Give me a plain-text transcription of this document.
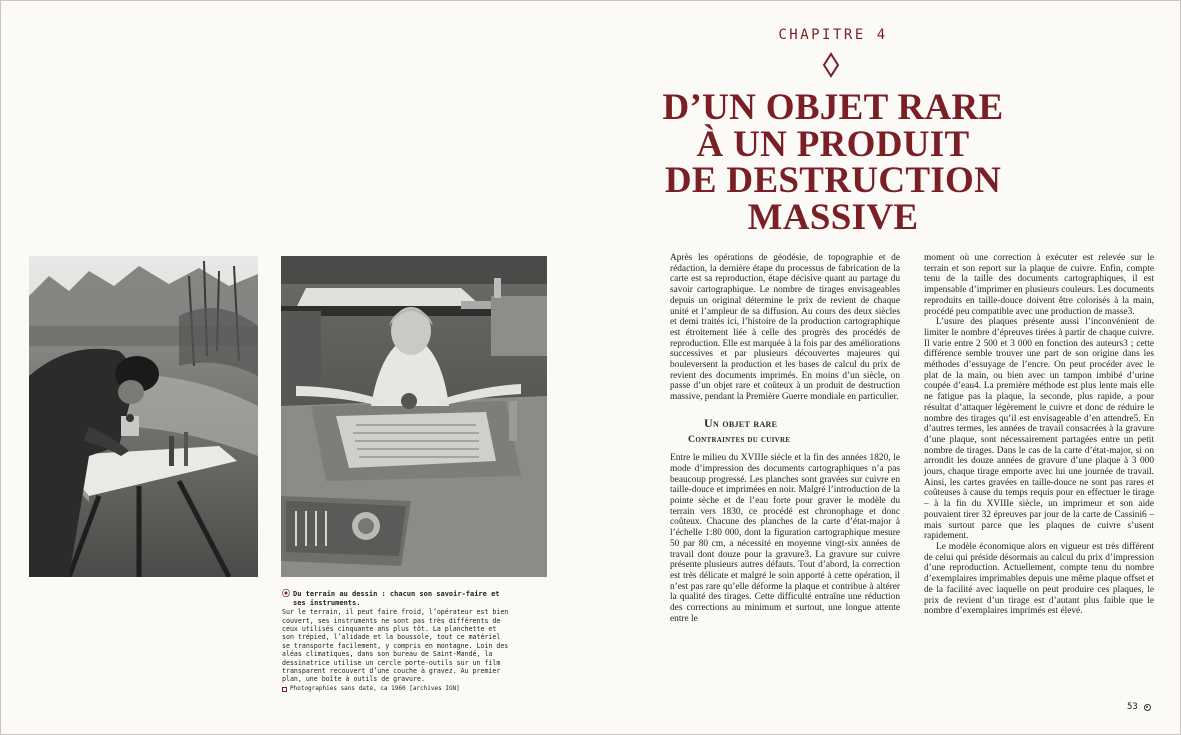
⦿ Du terrain au dessin : chacun son savoir-faire et ses instruments.
Sur le terrain, il peut faire froid, l’opérateur est bien couvert, ses instruments ne sont pas très différents de ceux utilisés cinquante ans plus tôt. La planchette et son trépied, l’alidade et la boussole, tout ce matériel se transporte facilement, y compris en montagne. Loin des aléas climatiques, dans son bureau de Saint-Mandé, la dessinatrice utilise un cercle porte-outils sur un film transparent recouvert d’une couche à gravez. Au premier plan, une boîte à outils de gravure.
Photographies sans date, ca 1960 [archives IGN]
CHAPITRE 4
D’UN OBJET RARE
À UN PRODUIT
DE DESTRUCTION
MASSIVE

Après les opérations de géodésie, de topographie et de rédaction, la dernière étape du processus de fabrication de la carte est sa reproduction, étape décisive quant au partage du savoir cartographique. Le nombre de tirages envisageables depuis un original détermine le prix de revient de chaque unité et l’ampleur de sa diffusion. Au cours des deux siècles et demi traités ici, l’histoire de la production cartographique est étroitement liée à celle des progrès des procédés de reproduction. Elle est marquée à la fois par des améliorations successives et par plusieurs découvertes majeures qui bouleversent la production et les bases de calcul du prix de revient des documents imprimés. En moins d’un siècle, on passe d’un objet rare et coûteux à un produit de destruction massive, pendant la Première Guerre mondiale en particulier.

Un objet rare
Contraintes du cuivre

Entre le milieu du XVIIIe siècle et la fin des années 1820, le mode d’impression des documents cartographiques n’a pas beaucoup progressé. Les planches sont gravées sur cuivre en taille-douce et imprimées en noir. Malgré l’introduction de la pointe sèche et de l’eau forte pour graver le modèle du terrain vers 1830, ce procédé est chronophage et donc coûteux. Chacune des planches de la carte d’état-major à l’échelle 1:80 000, dont la figuration cartographique mesure 50 par 80 cm, a nécessité en moyenne vingt-six années de travail dont douze pour la gravure3. La gravure sur cuivre présente plusieurs autres défauts. Tout d’abord, la correction est très délicate et malgré le soin apporté à cette opération, il n’est pas rare qu’elle déforme la plaque et contribue à altérer la qualité des tirages. Cette difficulté entraîne une réduction des corrections au minimum et surtout, une longue attente entre le

moment où une correction à exécuter est relevée sur le terrain et son report sur la plaque de cuivre. Enfin, compte tenu de la taille des documents cartographiques, il est impensable d’imprimer en plusieurs couleurs. Les documents reproduits en taille-douce doivent être colorisés à la main, procédé peu compatible avec une production de masse3.

L’usure des plaques présente aussi l’inconvénient de limiter le nombre d’épreuves tirées à partir de chaque cuivre. Il varie entre 2 500 et 3 000 en fonction des auteurs3 ; cette différence semble trouver une part de son origine dans les méthodes d’essuyage de l’encre. On peut procéder avec le plat de la main, ou bien avec un tampon imbibé d’urine coupée d’eau4. La première méthode est plus lente mais elle ne fatigue pas la plaque, la seconde, plus rapide, a pour résultat d’attaquer légèrement le cuivre et donc de réduire le nombre des tirages qu’il est envisageable d’en attendre5. En d’autres termes, les années de travail consacrées à la gravure d’une plaque, sont nécessairement partagées entre un petit nombre de tirages. Dans le cas de la carte d’état-major, si on arrondit les douze années de gravure d’une plaque à 3 000 jours, chaque tirage emporte avec lui une journée de travail. Ainsi, les cartes gravées en taille-douce ne sont pas rares et coûteuses à cause du temps requis pour en effectuer le tirage – à la fin du XVIIIe siècle, un imprimeur et son aide pouvaient tirer 32 épreuves par jour de la carte de Cassini6 – mais surtout parce que les plaques de cuivre s’usent rapidement.

Le modèle économique alors en vigueur est très différent de celui qui préside désormais au calcul du prix d’impression d’une reproduction. Actuellement, compte tenu du nombre d’exemplaires imprimables depuis une même plaque offset et de la facilité avec laquelle on peut produire ces plaques, le prix de revient d’un tirage est d’autant plus faible que le nombre d’exemplaires imprimés est élevé.

53
